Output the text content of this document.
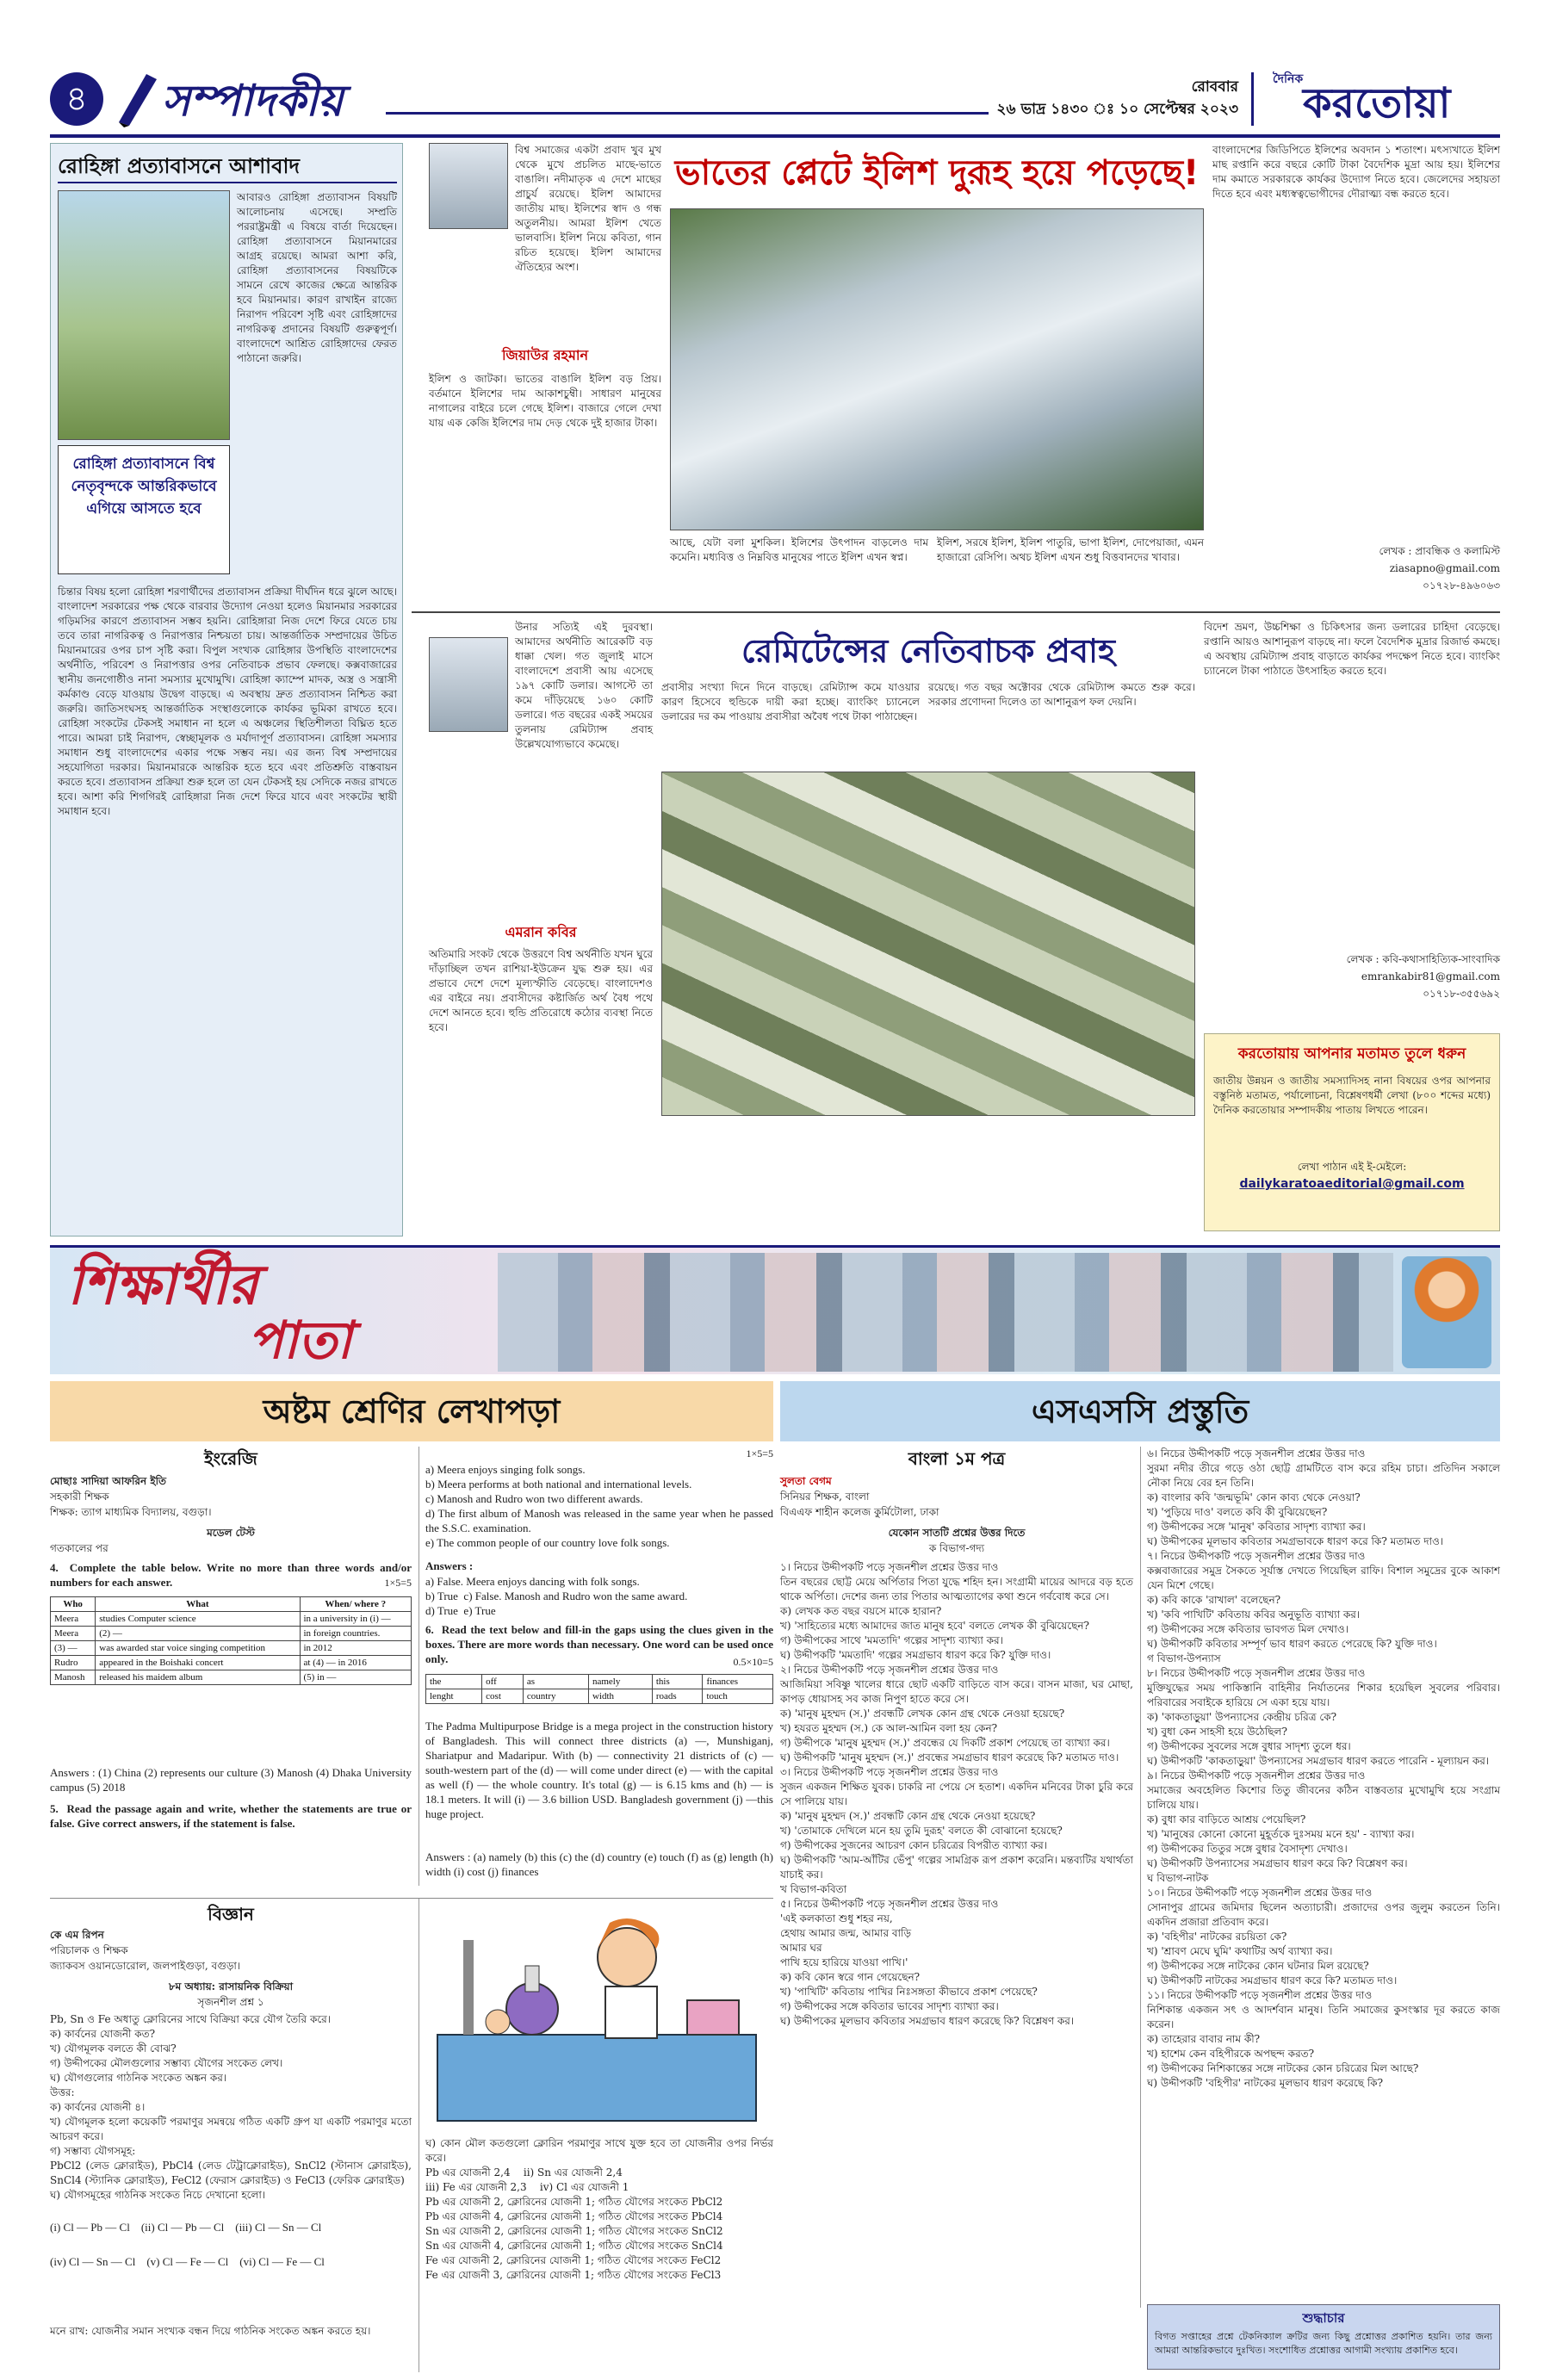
৪	সম্পাদকীয়	রোববার
২৬ ভাদ্র ১৪৩০ ঃ ১০ সেপ্টেম্বর ২০২৩
দৈনিক করতোয়া
রোহিঙ্গা প্রত্যাবাসনে আশাবাদ
আবারও রোহিঙ্গা প্রত্যাবাসন বিষয়টি আলোচনায় এসেছে। সম্প্রতি পররাষ্ট্রমন্ত্রী এ বিষয়ে বার্তা দিয়েছেন। রোহিঙ্গা প্রত্যাবাসনে মিয়ানমারের আগ্রহ রয়েছে। আমরা আশা করি, রোহিঙ্গা প্রত্যাবাসনের বিষয়টিকে সামনে রেখে কাজের ক্ষেত্রে আন্তরিক হবে মিয়ানমার। কারণ রাখাইন রাজ্যে নিরাপদ পরিবেশ সৃষ্টি এবং রোহিঙ্গাদের নাগরিকত্ব প্রদানের বিষয়টি গুরুত্বপূর্ণ। বাংলাদেশে আশ্রিত রোহিঙ্গাদের ফেরত পাঠানো জরুরি।
রোহিঙ্গা প্রত্যাবাসনে বিশ্ব নেতৃবৃন্দকে আন্তরিকভাবে এগিয়ে আসতে হবে
চিন্তার বিষয় হলো রোহিঙ্গা শরণার্থীদের প্রত্যাবাসন প্রক্রিয়া দীর্ঘদিন ধরে ঝুলে আছে। বাংলাদেশ সরকারের পক্ষ থেকে বারবার উদ্যোগ নেওয়া হলেও মিয়ানমার সরকারের গড়িমসির কারণে প্রত্যাবাসন সম্ভব হয়নি। রোহিঙ্গারা নিজ দেশে ফিরে যেতে চায় তবে তারা নাগরিকত্ব ও নিরাপত্তার নিশ্চয়তা চায়। আন্তর্জাতিক সম্প্রদায়ের উচিত মিয়ানমারের ওপর চাপ সৃষ্টি করা। বিপুল সংখ্যক রোহিঙ্গার উপস্থিতি বাংলাদেশের অর্থনীতি, পরিবেশ ও নিরাপত্তার ওপর নেতিবাচক প্রভাব ফেলছে। কক্সবাজারের স্থানীয় জনগোষ্ঠীও নানা সমস্যার মুখোমুখি। রোহিঙ্গা ক্যাম্পে মাদক, অস্ত্র ও সন্ত্রাসী কর্মকাণ্ড বেড়ে যাওয়ায় উদ্বেগ বাড়ছে। এ অবস্থায় দ্রুত প্রত্যাবাসন নিশ্চিত করা জরুরি। জাতিসংঘসহ আন্তর্জাতিক সংস্থাগুলোকে কার্যকর ভূমিকা রাখতে হবে। রোহিঙ্গা সংকটের টেকসই সমাধান না হলে এ অঞ্চলের স্থিতিশীলতা বিঘ্নিত হতে পারে। আমরা চাই নিরাপদ, স্বেচ্ছামূলক ও মর্যাদাপূর্ণ প্রত্যাবাসন। রোহিঙ্গা সমস্যার সমাধান শুধু বাংলাদেশের একার পক্ষে সম্ভব নয়। এর জন্য বিশ্ব সম্প্রদায়ের সহযোগিতা দরকার। মিয়ানমারকে আন্তরিক হতে হবে এবং প্রতিশ্রুতি বাস্তবায়ন করতে হবে। প্রত্যাবাসন প্রক্রিয়া শুরু হলে তা যেন টেকসই হয় সেদিকে নজর রাখতে হবে। আশা করি শিগগিরই রোহিঙ্গারা নিজ দেশে ফিরে যাবে এবং সংকটের স্থায়ী সমাধান হবে।
বিশ্ব সমাজের একটা প্রবাদ খুব মুখ থেকে মুখে প্রচলিত মাছে-ভাতে বাঙালি। নদীমাতৃক এ দেশে মাছের প্রাচুর্য রয়েছে। ইলিশ আমাদের জাতীয় মাছ। ইলিশের স্বাদ ও গন্ধ অতুলনীয়। আমরা ইলিশ খেতে ভালবাসি। ইলিশ নিয়ে কবিতা, গান রচিত হয়েছে। ইলিশ আমাদের ঐতিহ্যের অংশ।
ভাতের প্লেটে ইলিশ দুরূহ হয়ে পড়েছে!
জিয়াউর রহমান
ইলিশ ও জাটকা। ভাতের বাঙালি ইলিশ বড় প্রিয়। বর্তমানে ইলিশের দাম আকাশচুম্বী। সাধারণ মানুষের নাগালের বাইরে চলে গেছে ইলিশ। বাজারে গেলে দেখা যায় এক কেজি ইলিশের দাম দেড় থেকে দুই হাজার টাকা।
আছে, যেটা বলা মুশকিল। ইলিশের উৎপাদন বাড়লেও দাম কমেনি। মধ্যবিত্ত ও নিম্নবিত্ত মানুষের পাতে ইলিশ এখন স্বপ্ন।
ইলিশ, সরষে ইলিশ, ইলিশ পাতুরি, ভাপা ইলিশ, দোপেয়াজা, এমন হাজারো রেসিপি। অথচ ইলিশ এখন শুধু বিত্তবানদের খাবার।
বাংলাদেশের জিডিপিতে ইলিশের অবদান ১ শতাংশ। মৎস্যখাতে ইলিশ মাছ রপ্তানি করে বছরে কোটি টাকা বৈদেশিক মুদ্রা আয় হয়। ইলিশের দাম কমাতে সরকারকে কার্যকর উদ্যোগ নিতে হবে। জেলেদের সহায়তা দিতে হবে এবং মধ্যস্বত্বভোগীদের দৌরাত্ম্য বন্ধ করতে হবে।
লেখক : প্রাবন্ধিক ও কলামিস্ট
ziasapno@gmail.com
০১৭২৮-৪৯৬০৬৩
উনার সত্যিই এই দুরবস্থা। আমাদের অর্থনীতি আরেকটি বড় ধাক্কা খেল। গত জুলাই মাসে বাংলাদেশে প্রবাসী আয় এসেছে ১৯৭ কোটি ডলার। আগস্টে তা কমে দাঁড়িয়েছে ১৬০ কোটি ডলারে। গত বছরের একই সময়ের তুলনায় রেমিট্যান্স প্রবাহ উল্লেখযোগ্যভাবে কমেছে।
রেমিটেন্সের নেতিবাচক প্রবাহ
প্রবাসীর সংখ্যা দিনে দিনে বাড়ছে। রেমিট্যান্স কমে যাওয়ার কারণ হিসেবে হুন্ডিকে দায়ী করা হচ্ছে। ব্যাংকিং চ্যানেলে ডলারের দর কম পাওয়ায় প্রবাসীরা অবৈধ পথে টাকা পাঠাচ্ছেন।
রয়েছে। গত বছর অক্টোবর থেকে রেমিট্যান্স কমতে শুরু করে। সরকার প্রণোদনা দিলেও তা আশানুরূপ ফল দেয়নি।
এমরান কবির
অতিমারি সংকট থেকে উত্তরণে বিশ্ব অর্থনীতি যখন ঘুরে দাঁড়াচ্ছিল তখন রাশিয়া-ইউক্রেন যুদ্ধ শুরু হয়। এর প্রভাবে দেশে দেশে মূল্যস্ফীতি বেড়েছে। বাংলাদেশও এর বাইরে নয়। প্রবাসীদের কষ্টার্জিত অর্থ বৈধ পথে দেশে আনতে হবে। হুন্ডি প্রতিরোধে কঠোর ব্যবস্থা নিতে হবে।
বিদেশ ভ্রমণ, উচ্চশিক্ষা ও চিকিৎসার জন্য ডলারের চাহিদা বেড়েছে। রপ্তানি আয়ও আশানুরূপ বাড়ছে না। ফলে বৈদেশিক মুদ্রার রিজার্ভ কমছে। এ অবস্থায় রেমিট্যান্স প্রবাহ বাড়াতে কার্যকর পদক্ষেপ নিতে হবে। ব্যাংকিং চ্যানেলে টাকা পাঠাতে উৎসাহিত করতে হবে।
লেখক : কবি-কথাসাহিত্যিক-সাংবাদিক
emrankabir81@gmail.com
০১৭১৮-৩৫৫৬৯২
করতোয়ায় আপনার মতামত তুলে ধরুন
জাতীয় উন্নয়ন ও জাতীয় সমস্যাদিসহ নানা বিষয়ের ওপর আপনার বস্তুনিষ্ঠ মতামত, পর্যালোচনা, বিশ্লেষণধর্মী লেখা (৮০০ শব্দের মধ্যে) দৈনিক করতোয়ার সম্পাদকীয় পাতায় লিখতে পারেন।
লেখা পাঠান এই ই-মেইলে:
dailykaratoaeditorial@gmail.com
শিক্ষার্থীর
পাতা
অষ্টম শ্রেণির লেখাপড়া	এসএসসি প্রস্তুতি
ইংরেজি
মোছাঃ সাদিয়া আফরিন ইতি
সহকারী শিক্ষক
শিক্ষক: ত্যাগ মাধ্যমিক বিদ্যালয়, বগুড়া।
মডেল টেস্ট
গতকালের পর
4.  Complete the table below. Write no more than three words and/or numbers for each answer.	1×5=5
Who	What	When/ where ?
Meera	studies Computer science	in a university in (i) —
Meera	(2) —	in foreign countries.
(3) —	was awarded star voice singing competition	in 2012
Rudro	appeared in the Boishaki concert	at (4) — in 2016
Manosh	released his maidem album	(5) in —
Answers : (1) China (2) represents our culture (3) Manosh (4) Dhaka University campus (5) 2018
5.  Read the passage again and write, whether the statements are true or false. Give correct answers, if the statement is false.
1×5=5
a) Meera enjoys singing folk songs.
b) Meera performs at both national and international levels.
c) Manosh and Rudro won two different awards.
d) The first album of Manosh was released in the same year when he passed the S.S.C. examination.
e) The common people of our country love folk songs.
Answers :
a) False. Meera enjoys dancing with folk songs.
b) True  c) False. Manosh and Rudro won the same award.
d) True  e) True
6.  Read the text below and fill-in the gaps using the clues given in the boxes. There are more words than necessary. One word can be used once only.	0.5×10=5
the	off	as	namely	this	finances
lenght	cost	country	width	roads	touch
The Padma Multipurpose Bridge is a mega project in the construction history of Bangladesh. This will connect three districts (a) —, Munshiganj, Shariatpur and Madaripur. With (b) — connectivity 21 districts of (c) — south-western part of the (d) — will come under direct (e) — with the capital as well (f) — the whole country. It's total (g) — is 6.15 kms and (h) — is 18.1 meters. It will (i) — 3.6 billion USD. Bangladesh government (j) —this huge project.
Answers : (a) namely (b) this (c) the (d) country (e) touch (f) as (g) length (h) width (i) cost (j) finances
বিজ্ঞান
কে এম রিপন
পরিচালক ও শিক্ষক
জ্যাকবস ওয়ানডোরোল, জলপাইগুড়া, বগুড়া।
৮ম অধ্যায়: রাসায়নিক বিক্রিয়া
সৃজনশীল প্রশ্ন ১
Pb, Sn ও Fe অধাতু ক্লোরিনের সাথে বিক্রিয়া করে যৌগ তৈরি করে।
ক) কার্বনের যোজনী কত?
খ) যৌগমূলক বলতে কী বোঝ?
গ) উদ্দীপকের মৌলগুলোর সম্ভাব্য যৌগের সংকেত লেখ।
ঘ) যৌগগুলোর গাঠনিক সংকেত অঙ্কন কর।
উত্তর:
ক) কার্বনের যোজনী ৪।
খ) যৌগমূলক হলো কয়েকটি পরমাণুর সমন্বয়ে গঠিত একটি গ্রুপ যা একটি পরমাণুর মতো আচরণ করে।
গ) সম্ভাব্য যৌগসমূহ:
PbCl2 (লেড ক্লোরাইড), PbCl4 (লেড টেট্রাক্লোরাইড), SnCl2 (স্টানাস ক্লোরাইড), SnCl4 (স্ট্যানিক ক্লোরাইড), FeCl2 (ফেরাস ক্লোরাইড) ও FeCl3 (ফেরিক ক্লোরাইড)
ঘ) যৌগসমূহের গাঠনিক সংকেত নিচে দেখানো হলো।
(i) Cl — Pb — Cl    (ii) Cl — Pb — Cl    (iii) Cl — Sn — Cl

(iv) Cl — Sn — Cl    (v) Cl — Fe — Cl    (vi) Cl — Fe — Cl
মনে রাখ: যোজনীর সমান সংখ্যক বন্ধন দিয়ে গাঠনিক সংকেত অঙ্কন করতে হয়।
ঘ) কোন মৌল কতগুলো ক্লোরিন পরমাণুর সাথে যুক্ত হবে তা যোজনীর ওপর নির্ভর করে।
Pb এর যোজনী 2,4    ii) Sn এর যোজনী 2,4
iii) Fe এর যোজনী 2,3    iv) Cl এর যোজনী 1
Pb এর যোজনী 2, ক্লোরিনের যোজনী 1; গঠিত যৌগের সংকেত PbCl2
Pb এর যোজনী 4, ক্লোরিনের যোজনী 1; গঠিত যৌগের সংকেত PbCl4
Sn এর যোজনী 2, ক্লোরিনের যোজনী 1; গঠিত যৌগের সংকেত SnCl2
Sn এর যোজনী 4, ক্লোরিনের যোজনী 1; গঠিত যৌগের সংকেত SnCl4
Fe এর যোজনী 2, ক্লোরিনের যোজনী 1; গঠিত যৌগের সংকেত FeCl2
Fe এর যোজনী 3, ক্লোরিনের যোজনী 1; গঠিত যৌগের সংকেত FeCl3
বাংলা ১ম পত্র
সুলতা বেগম
সিনিয়র শিক্ষক, বাংলা
বিএএফ শাহীন কলেজ কুর্মিটোলা, ঢাকা
যেকোন সাতটি প্রশ্নের উত্তর দিতে
ক বিভাগ-গদ্য
১। নিচের উদ্দীপকটি পড়ে সৃজনশীল প্রশ্নের উত্তর দাও
তিন বছরের ছোট্ট মেয়ে অর্পিতার পিতা যুদ্ধে শহিদ হন। সংগ্রামী মায়ের আদরে বড় হতে থাকে অর্পিতা। দেশের জন্য তার পিতার আত্মত্যাগের কথা শুনে গর্ববোধ করে সে।
ক) লেখক কত বছর বয়সে মাকে হারান?
খ) 'সাহিত্যের মধ্যে আমাদের জাত মানুষ হবে' বলতে লেখক কী বুঝিয়েছেন?
গ) উদ্দীপকের সাথে 'মমতাদি' গল্পের সাদৃশ্য ব্যাখ্যা কর।
ঘ) উদ্দীপকটি 'মমতাদি' গল্পের সমগ্রভাব ধারণ করে কি? যুক্তি দাও।
২। নিচের উদ্দীপকটি পড়ে সৃজনশীল প্রশ্নের উত্তর দাও
আজিমিয়া সবিষ্ণু খালের ধারে ছোট একটি বাড়িতে বাস করে। বাসন মাজা, ঘর মোছা, কাপড় ধোয়াসহ সব কাজ নিপুণ হাতে করে সে।
ক) 'মানুষ মুহম্মদ (স.)' প্রবন্ধটি লেখক কোন গ্রন্থ থেকে নেওয়া হয়েছে?
খ) হযরত মুহম্মদ (স.) কে আল-আমিন বলা হয় কেন?
গ) উদ্দীপকে 'মানুষ মুহম্মদ (স.)' প্রবন্ধের যে দিকটি প্রকাশ পেয়েছে তা ব্যাখ্যা কর।
ঘ) উদ্দীপকটি 'মানুষ মুহম্মদ (স.)' প্রবন্ধের সমগ্রভাব ধারণ করেছে কি? মতামত দাও।
৩। নিচের উদ্দীপকটি পড়ে সৃজনশীল প্রশ্নের উত্তর দাও
সুজন একজন শিক্ষিত যুবক। চাকরি না পেয়ে সে হতাশ। একদিন মনিবের টাকা চুরি করে সে পালিয়ে যায়।
ক) 'মানুষ মুহম্মদ (স.)' প্রবন্ধটি কোন গ্রন্থ থেকে নেওয়া হয়েছে?
খ) 'তোমাকে দেখিলে মনে হয় তুমি দুরূহ' বলতে কী বোঝানো হয়েছে?
গ) উদ্দীপকের সুজনের আচরণ কোন চরিত্রের বিপরীত ব্যাখ্যা কর।
ঘ) উদ্দীপকটি 'আম-আঁটির ভেঁপু' গল্পের সামগ্রিক রূপ প্রকাশ করেনি। মন্তব্যটির যথার্থতা যাচাই কর।
খ বিভাগ-কবিতা
৫। নিচের উদ্দীপকটি পড়ে সৃজনশীল প্রশ্নের উত্তর দাও
'এই কলকাতা শুধু শহর নয়,
হেথায় আমার জন্ম, আমার বাড়ি
আমার ঘর
পাখি হয়ে হারিয়ে যাওয়া পাখি।'
ক) কবি কোন স্বরে গান গেয়েছেন?
খ) 'পাখিটি' কবিতায় পাখির নিঃসঙ্গতা কীভাবে প্রকাশ পেয়েছে?
গ) উদ্দীপকের সঙ্গে কবিতার ভাবের সাদৃশ্য ব্যাখ্যা কর।
ঘ) উদ্দীপকের মূলভাব কবিতার সমগ্রভাব ধারণ করেছে কি? বিশ্লেষণ কর।
৬। নিচের উদ্দীপকটি পড়ে সৃজনশীল প্রশ্নের উত্তর দাও
সুরমা নদীর তীরে গড়ে ওঠা ছোট্ট গ্রামটিতে বাস করে রহিম চাচা। প্রতিদিন সকালে নৌকা নিয়ে বের হন তিনি।
ক) বাংলার কবি 'জন্মভূমি' কোন কাব্য থেকে নেওয়া?
খ) 'পুড়িয়ে দাও' বলতে কবি কী বুঝিয়েছেন?
গ) উদ্দীপকের সঙ্গে 'মানুষ' কবিতার সাদৃশ্য ব্যাখ্যা কর।
ঘ) উদ্দীপকের মূলভাব কবিতার সমগ্রভাবকে ধারণ করে কি? মতামত দাও।
৭। নিচের উদ্দীপকটি পড়ে সৃজনশীল প্রশ্নের উত্তর দাও
কক্সবাজারের সমুদ্র সৈকতে সূর্যাস্ত দেখতে গিয়েছিল রাফি। বিশাল সমুদ্রের বুকে আকাশ যেন মিশে গেছে।
ক) কবি কাকে 'রাখাল' বলেছেন?
খ) 'কবি পাখিটি' কবিতায় কবির অনুভূতি ব্যাখ্যা কর।
গ) উদ্দীপকের সঙ্গে কবিতার ভাবগত মিল দেখাও।
ঘ) উদ্দীপকটি কবিতার সম্পূর্ণ ভাব ধারণ করতে পেরেছে কি? যুক্তি দাও।
গ বিভাগ-উপন্যাস
৮। নিচের উদ্দীপকটি পড়ে সৃজনশীল প্রশ্নের উত্তর দাও
মুক্তিযুদ্ধের সময় পাকিস্তানি বাহিনীর নির্যাতনের শিকার হয়েছিল সুবলের পরিবার। পরিবারের সবাইকে হারিয়ে সে একা হয়ে যায়।
ক) 'কাকতাড়ুয়া' উপন্যাসের কেন্দ্রীয় চরিত্র কে?
খ) বুধা কেন সাহসী হয়ে উঠেছিল?
গ) উদ্দীপকের সুবলের সঙ্গে বুধার সাদৃশ্য তুলে ধর।
ঘ) উদ্দীপকটি 'কাকতাড়ুয়া' উপন্যাসের সমগ্রভাব ধারণ করতে পারেনি - মূল্যায়ন কর।
৯। নিচের উদ্দীপকটি পড়ে সৃজনশীল প্রশ্নের উত্তর দাও
সমাজের অবহেলিত কিশোর তিতু জীবনের কঠিন বাস্তবতার মুখোমুখি হয়ে সংগ্রাম চালিয়ে যায়।
ক) বুধা কার বাড়িতে আশ্রয় পেয়েছিল?
খ) 'মানুষের কোনো কোনো মুহূর্তকে দুঃসময় মনে হয়' - ব্যাখ্যা কর।
গ) উদ্দীপকের তিতুর সঙ্গে বুধার বৈসাদৃশ্য দেখাও।
ঘ) উদ্দীপকটি উপন্যাসের সমগ্রভাব ধারণ করে কি? বিশ্লেষণ কর।
ঘ বিভাগ-নাটক
১০। নিচের উদ্দীপকটি পড়ে সৃজনশীল প্রশ্নের উত্তর দাও
সোনাপুর গ্রামের জমিদার ছিলেন অত্যাচারী। প্রজাদের ওপর জুলুম করতেন তিনি। একদিন প্রজারা প্রতিবাদ করে।
ক) 'বহিপীর' নাটকের রচয়িতা কে?
খ) 'শ্রাবণ মেঘে ঘুমি' কথাটির অর্থ ব্যাখ্যা কর।
গ) উদ্দীপকের সঙ্গে নাটকের কোন ঘটনার মিল রয়েছে?
ঘ) উদ্দীপকটি নাটকের সমগ্রভাব ধারণ করে কি? মতামত দাও।
১১। নিচের উদ্দীপকটি পড়ে সৃজনশীল প্রশ্নের উত্তর দাও
নিশিকান্ত একজন সৎ ও আদর্শবান মানুষ। তিনি সমাজের কুসংস্কার দূর করতে কাজ করেন।
ক) তাহেরার বাবার নাম কী?
খ) হাশেম কেন বহিপীরকে অপছন্দ করত?
গ) উদ্দীপকের নিশিকান্তের সঙ্গে নাটকের কোন চরিত্রের মিল আছে?
ঘ) উদ্দীপকটি 'বহিপীর' নাটকের মূলভাব ধারণ করেছে কি?
শুদ্ধাচার
বিগত সপ্তাহের প্রশ্নে টেকনিক্যাল ক্রটির জন্য কিছু প্রশ্নোত্তর প্রকাশিত হয়নি। তার জন্য আমরা আন্তরিকভাবে দুঃখিত। সংশোধিত প্রশ্নোত্তর আগামী সংখ্যায় প্রকাশিত হবে।
